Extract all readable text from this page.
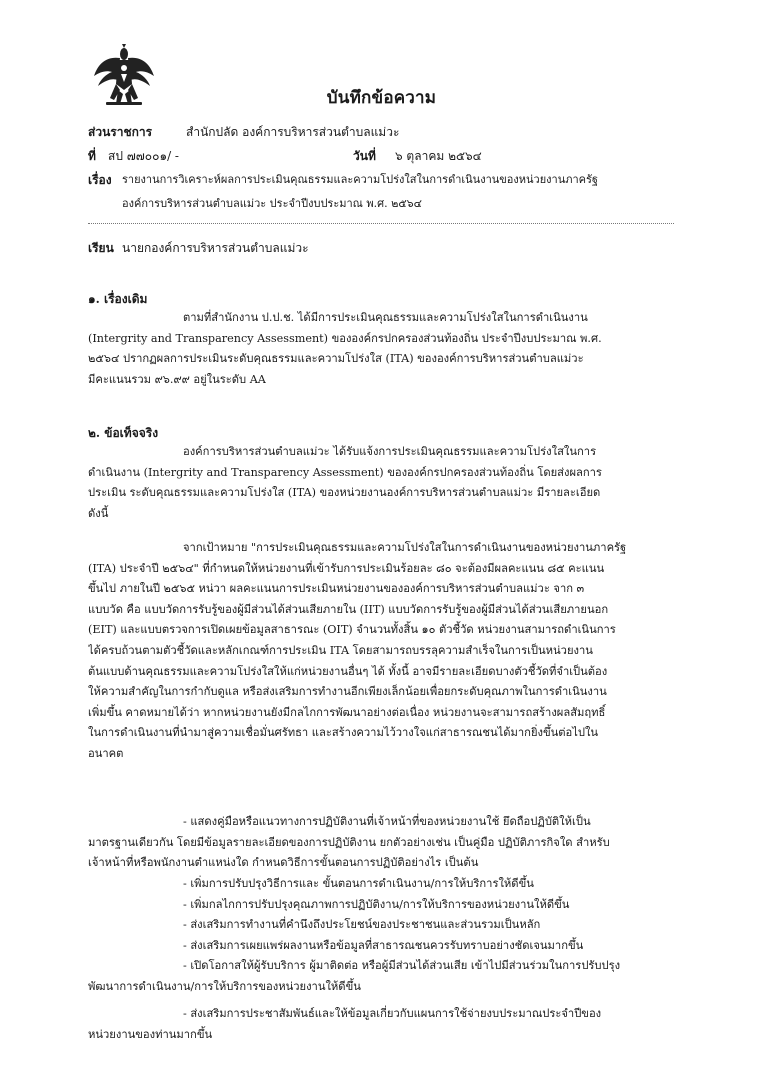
บันทึกข้อความ
ส่วนราชการ	สำนักปลัด องค์การบริหารส่วนตำบลแม่วะ
ที่ สป ๗๗๐๐๑/ -	วันที่ ๖ ตุลาคม ๒๕๖๔
เรื่อง รายงานการวิเคราะห์ผลการประเมินคุณธรรมและความโปร่งใสในการดำเนินงานของหน่วยงานภาครัฐ
องค์การบริหารส่วนตำบลแม่วะ ประจำปีงบประมาณ พ.ศ. ๒๕๖๔
เรียน นายกองค์การบริหารส่วนตำบลแม่วะ
๑. เรื่องเดิม
ตามที่สำนักงาน ป.ป.ช. ได้มีการประเมินคุณธรรมและความโปร่งใสในการดำเนินงาน
(Intergrity and Transparency Assessment) ขององค์กรปกครองส่วนท้องถิ่น ประจำปีงบประมาณ พ.ศ.
๒๕๖๔ ปรากฏผลการประเมินระดับคุณธรรมและความโปร่งใส (ITA) ขององค์การบริหารส่วนตำบลแม่วะ
มีคะแนนรวม ๙๖.๙๙ อยู่ในระดับ AA
๒. ข้อเท็จจริง
องค์การบริหารส่วนตำบลแม่วะ ได้รับแจ้งการประเมินคุณธรรมและความโปร่งใสในการ
ดำเนินงาน (Intergrity and Transparency Assessment) ขององค์กรปกครองส่วนท้องถิ่น โดยส่งผลการ
ประเมิน ระดับคุณธรรมและความโปร่งใส (ITA) ของหน่วยงานองค์การบริหารส่วนตำบลแม่วะ มีรายละเอียด
ดังนี้
จากเป้าหมาย "การประเมินคุณธรรมและความโปร่งใสในการดำเนินงานของหน่วยงานภาครัฐ
(ITA) ประจำปี ๒๕๖๔" ที่กำหนดให้หน่วยงานที่เข้ารับการประเมินร้อยละ ๘๐ จะต้องมีผลคะแนน ๘๕ คะแนน
ขึ้นไป ภายในปี ๒๕๖๕ หน่วา ผลคะแนนการประเมินหน่วยงานขององค์การบริหารส่วนตำบลแม่วะ จาก ๓
แบบวัด คือ แบบวัดการรับรู้ของผู้มีส่วนได้ส่วนเสียภายใน (IIT) แบบวัดการรับรู้ของผู้มีส่วนได้ส่วนเสียภายนอก
(EIT) และแบบตรวจการเปิดเผยข้อมูลสาธารณะ (OIT) จำนวนทั้งสิ้น ๑๐ ตัวชี้วัด หน่วยงานสามารถดำเนินการ
ได้ครบถ้วนตามตัวชี้วัดและหลักเกณฑ์การประเมิน ITA โดยสามารถบรรลุความสำเร็จในการเป็นหน่วยงาน
ต้นแบบด้านคุณธรรมและความโปร่งใสให้แก่หน่วยงานอื่นๆ ได้ ทั้งนี้ อาจมีรายละเอียดบางตัวชี้วัดที่จำเป็นต้อง
ให้ความสำคัญในการกำกับดูแล หรือส่งเสริมการทำงานอีกเพียงเล็กน้อยเพื่อยกระดับคุณภาพในการดำเนินงาน
เพิ่มขึ้น คาดหมายได้ว่า หากหน่วยงานยังมีกลไกการพัฒนาอย่างต่อเนื่อง หน่วยงานจะสามารถสร้างผลสัมฤทธิ์
ในการดำเนินงานที่นำมาสู่ความเชื่อมั่นศรัทธา และสร้างความไว้วางใจแก่สาธารณชนได้มากยิ่งขึ้นต่อไปใน
อนาคต
- แสดงคู่มือหรือแนวทางการปฏิบัติงานที่เจ้าหน้าที่ของหน่วยงานใช้ ยึดถือปฏิบัติให้เป็น
มาตรฐานเดียวกัน โดยมีข้อมูลรายละเอียดของการปฏิบัติงาน ยกตัวอย่างเช่น เป็นคู่มือ ปฏิบัติภารกิจใด สำหรับ
เจ้าหน้าที่หรือพนักงานตำแหน่งใด กำหนดวิธีการขั้นตอนการปฏิบัติอย่างไร เป็นต้น
- เพิ่มการปรับปรุงวิธีการและ ขั้นตอนการดำเนินงาน/การให้บริการให้ดีขึ้น
- เพิ่มกลไกการปรับปรุงคุณภาพการปฏิบัติงาน/การให้บริการของหน่วยงานให้ดีขึ้น
- ส่งเสริมการทำงานที่คำนึงถึงประโยชน์ของประชาชนและส่วนรวมเป็นหลัก
- ส่งเสริมการเผยแพร่ผลงานหรือข้อมูลที่สาธารณชนควรรับทราบอย่างชัดเจนมากขึ้น
- เปิดโอกาสให้ผู้รับบริการ ผู้มาติดต่อ หรือผู้มีส่วนได้ส่วนเสีย เข้าไปมีส่วนร่วมในการปรับปรุง
พัฒนาการดำเนินงาน/การให้บริการของหน่วยงานให้ดีขึ้น
- ส่งเสริมการประชาสัมพันธ์และให้ข้อมูลเกี่ยวกับแผนการใช้จ่ายงบประมาณประจำปีของ
หน่วยงานของท่านมากขึ้น
